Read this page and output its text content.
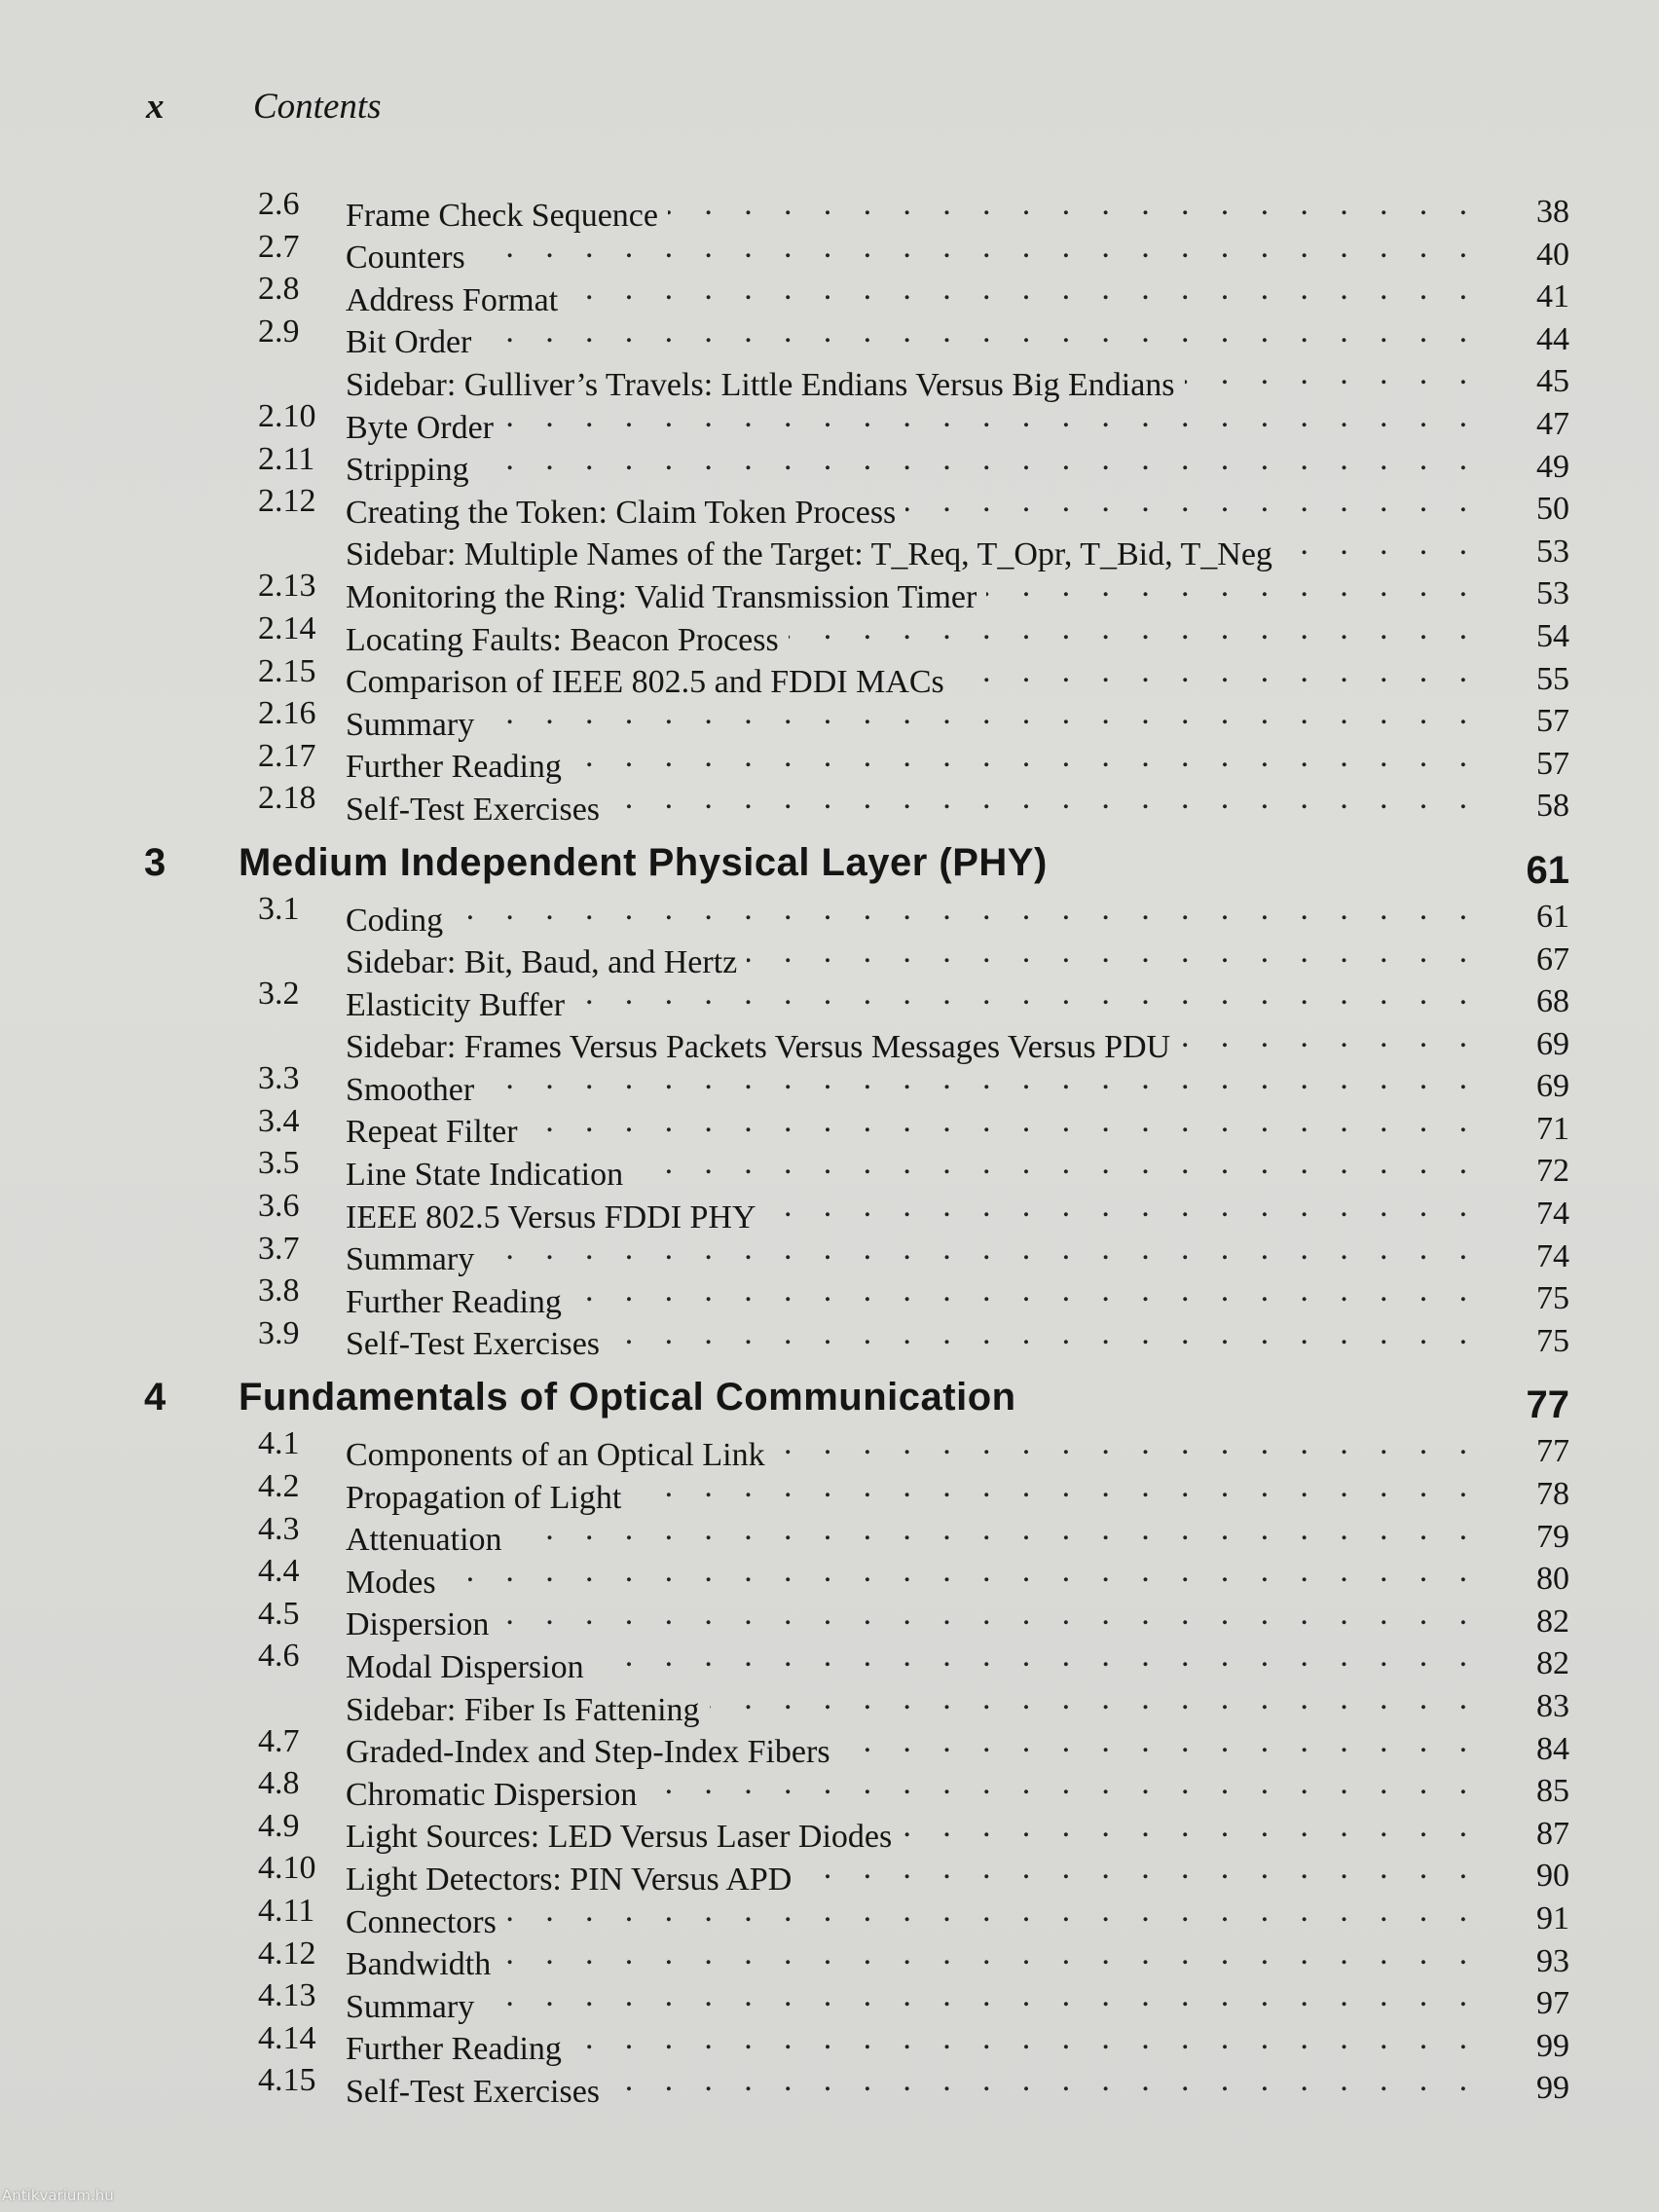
x Contents
2.6 Frame Check Sequence . . .	38
2.7 Counters . . .	40
2.8 Address Format . . .	41
2.9 Bit Order . . .	44
Sidebar: Gulliver’s Travels: Little Endians Versus Big Endians . . .	45
2.10 Byte Order . . .	47
2.11 Stripping . . .	49
2.12 Creating the Token: Claim Token Process . . .	50
Sidebar: Multiple Names of the Target: T_Req, T_Opr, T_Bid, T_Neg . . .	53
2.13 Monitoring the Ring: Valid Transmission Timer . . .	53
2.14 Locating Faults: Beacon Process . . .	54
2.15 Comparison of IEEE 802.5 and FDDI MACs . . .	55
2.16 Summary . . .	57
2.17 Further Reading . . .	57
2.18 Self-Test Exercises . . .	58
3 Medium Independent Physical Layer (PHY)	61
3.1 Coding . . .	61
Sidebar: Bit, Baud, and Hertz . . .	67
3.2 Elasticity Buffer . . .	68
Sidebar: Frames Versus Packets Versus Messages Versus PDU . . .	69
3.3 Smoother . . .	69
3.4 Repeat Filter . . .	71
3.5 Line State Indication . . .	72
3.6 IEEE 802.5 Versus FDDI PHY . . .	74
3.7 Summary . . .	74
3.8 Further Reading . . .	75
3.9 Self-Test Exercises . . .	75
4 Fundamentals of Optical Communication	77
4.1 Components of an Optical Link . . .	77
4.2 Propagation of Light . . .	78
4.3 Attenuation . . .	79
4.4 Modes . . .	80
4.5 Dispersion . . .	82
4.6 Modal Dispersion . . .	82
Sidebar: Fiber Is Fattening . . .	83
4.7 Graded-Index and Step-Index Fibers . . .	84
4.8 Chromatic Dispersion . . .	85
4.9 Light Sources: LED Versus Laser Diodes . . .	87
4.10 Light Detectors: PIN Versus APD . . .	90
4.11 Connectors . . .	91
4.12 Bandwidth . . .	93
4.13 Summary . . .	97
4.14 Further Reading . . .	99
4.15 Self-Test Exercises . . .	99
Antikvarium.hu
